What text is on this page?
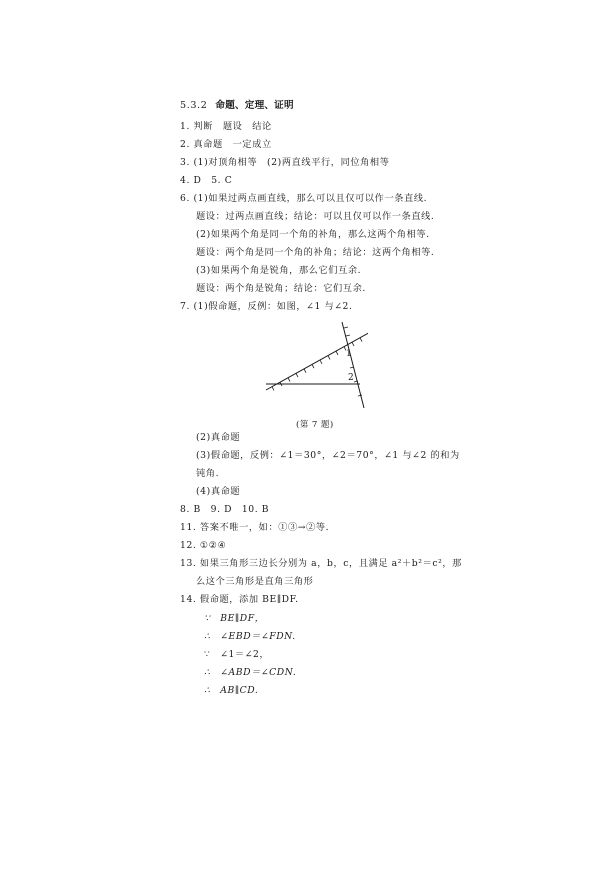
5.3.2 命题、定理、证明
1. 判断　题设　结论
2. 真命题　一定成立
3. (1)对顶角相等　(2)两直线平行，同位角相等
4. D　5. C
6. (1)如果过两点画直线，那么可以且仅可以作一条直线.
题设：过两点画直线；结论：可以且仅可以作一条直线.
(2)如果两个角是同一个角的补角，那么这两个角相等.
题设：两个角是同一个角的补角；结论：这两个角相等.
(3)如果两个角是锐角，那么它们互余.
题设：两个角是锐角；结论：它们互余.
7. (1)假命题，反例：如图，∠1 与∠2.
1
2
(第 7 题)
(2)真命题
(3)假命题，反例：∠1＝30°，∠2＝70°，∠1 与∠2 的和为
钝角.
(4)真命题
8. B　9. D　10. B
11. 答案不唯一，如：①③→②等.
12. ①②④
13. 如果三角形三边长分别为 a，b，c，且满足 a²＋b²＝c²，那
么这个三角形是直角三角形
14. 假命题，添加 BE∥DF.
∵　BE∥DF，
∴　∠EBD＝∠FDN.
∵　∠1＝∠2，
∴　∠ABD＝∠CDN.
∴　AB∥CD.
